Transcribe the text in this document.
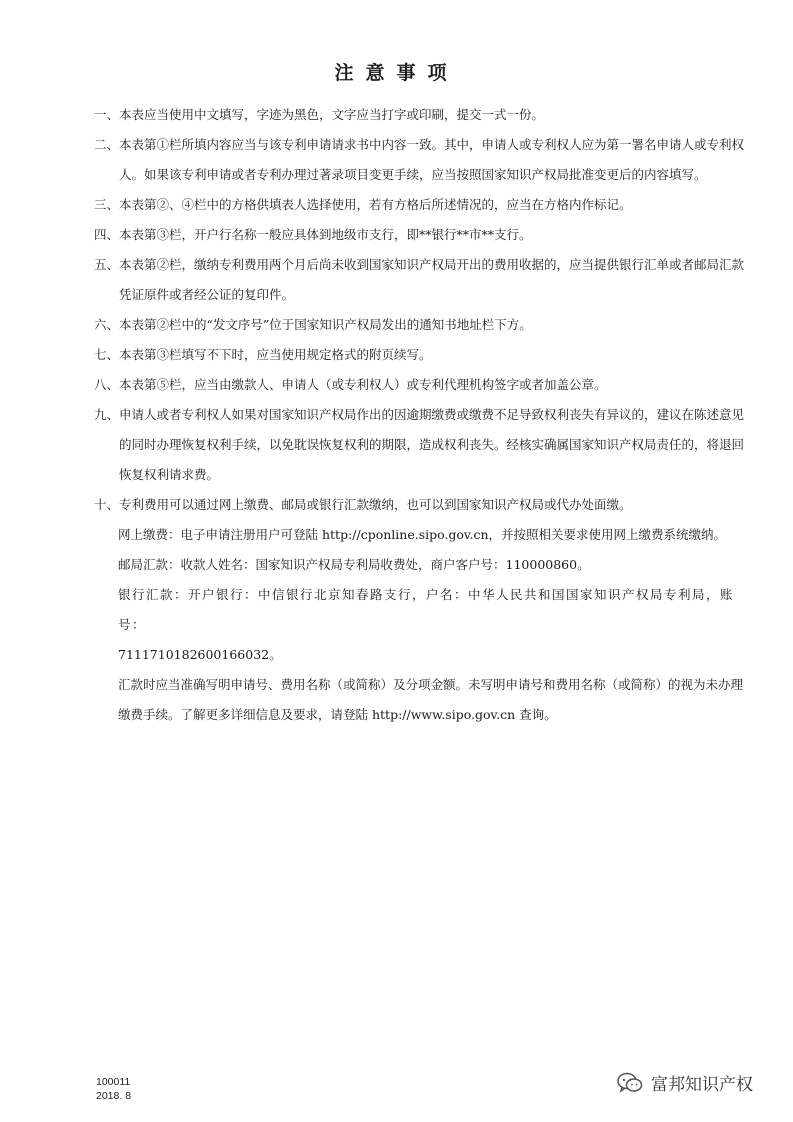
注意事项
一、 本表应当使用中文填写，字迹为黑色，文字应当打字或印刷，提交一式一份。
二、 本表第①栏所填内容应当与该专利申请请求书中内容一致。其中，申请人或专利权人应为第一署名申请人或专利权人。如果该专利申请或者专利办理过著录项目变更手续，应当按照国家知识产权局批准变更后的内容填写。
三、 本表第②、④栏中的方格供填表人选择使用，若有方格后所述情况的，应当在方格内作标记。
四、 本表第③栏，开户行名称一般应具体到地级市支行，即**银行**市**支行。
五、 本表第②栏，缴纳专利费用两个月后尚未收到国家知识产权局开出的费用收据的，应当提供银行汇单或者邮局汇款凭证原件或者经公证的复印件。
六、 本表第②栏中的“发文序号”位于国家知识产权局发出的通知书地址栏下方。
七、 本表第③栏填写不下时，应当使用规定格式的附页续写。
八、 本表第⑤栏，应当由缴款人、申请人（或专利权人）或专利代理机构签字或者加盖公章。
九、 申请人或者专利权人如果对国家知识产权局作出的因逾期缴费或缴费不足导致权利丧失有异议的，建议在陈述意见的同时办理恢复权利手续，以免耽误恢复权利的期限，造成权利丧失。经核实确属国家知识产权局责任的，将退回恢复权利请求费。
十、 专利费用可以通过网上缴费、邮局或银行汇款缴纳，也可以到国家知识产权局或代办处面缴。
网上缴费：电子申请注册用户可登陆 http://cponline.sipo.gov.cn，并按照相关要求使用网上缴费系统缴纳。
邮局汇款：收款人姓名：国家知识产权局专利局收费处，商户客户号：110000860。
银行汇款：开户银行：中信银行北京知春路支行，户名：中华人民共和国国家知识产权局专利局，账号：
7111710182600166032。
汇款时应当准确写明申请号、费用名称（或简称）及分项金额。未写明申请号和费用名称（或简称）的视为未办理缴费手续。了解更多详细信息及要求，请登陆 http://www.sipo.gov.cn 查询。
100011
2018. 8
富邦知识产权
